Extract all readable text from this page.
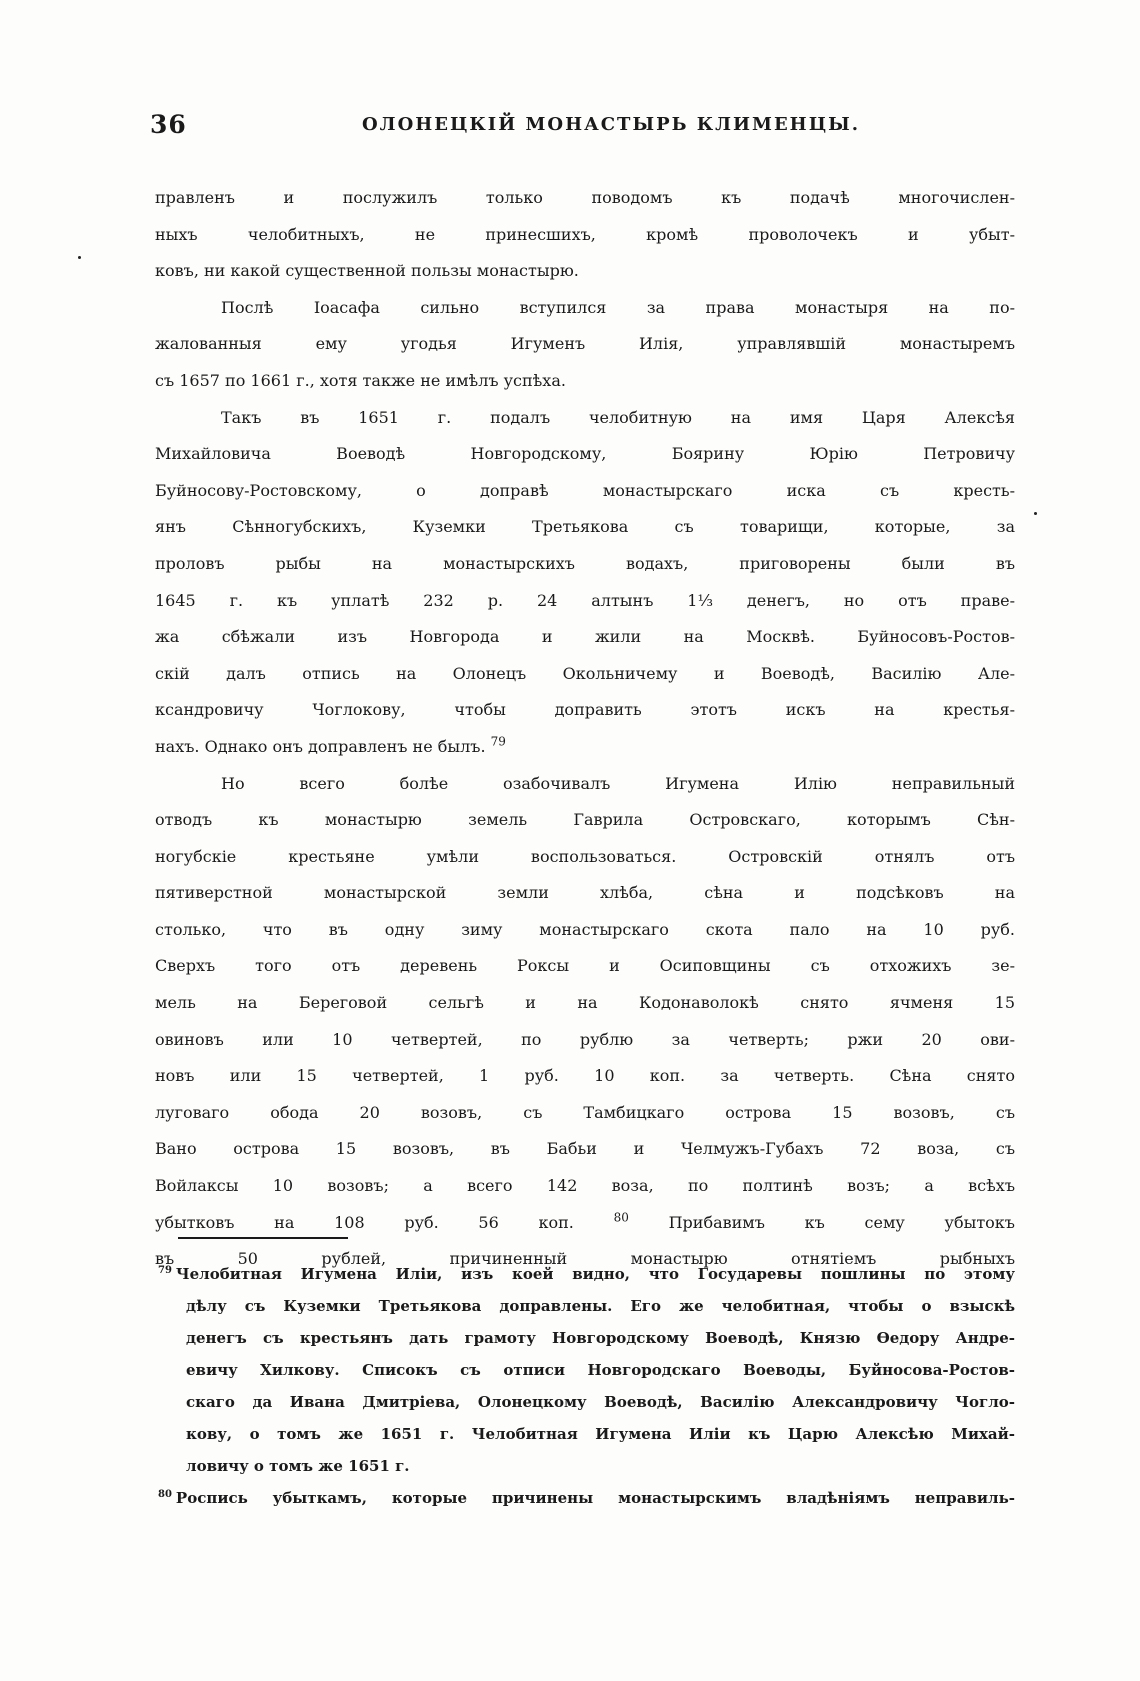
36	ОЛОНЕЦКІЙ МОНАСТЫРЬ КЛИМЕНЦЫ.
правленъ и послужилъ только поводомъ къ подачѣ многочислен-
ныхъ челобитныхъ, не принесшихъ, кромѣ проволочекъ и убыт-
ковъ, ни какой существенной пользы монастырю.
Послѣ Іоасафа сильно вступился за права монастыря на по-
жалованныя ему угодья Игуменъ Илія, управлявшій монастыремъ
съ 1657 по 1661 г., хотя также не имѣлъ успѣха.
Такъ въ 1651 г. подалъ челобитную на имя Царя Алексѣя
Михайловича Воеводѣ Новгородскому, Боярину Юрію Петровичу
Буйносову-Ростовскому, о доправѣ монастырскаго иска съ кресть-
янъ Сѣнногубскихъ, Куземки Третьякова съ товарищи, которые, за
проловъ рыбы на монастырскихъ водахъ, приговорены были въ
1645 г. къ уплатѣ 232 р. 24 алтынъ 1⅓ денегъ, но отъ праве-
жа сбѣжали изъ Новгорода и жили на Москвѣ. Буйносовъ-Ростов-
скій далъ отпись на Олонецъ Окольничему и Воеводѣ, Василію Але-
ксандровичу Чоглокову, чтобы доправить этотъ искъ на крестья-
нахъ. Однако онъ доправленъ не былъ. $^{79}$
Но всего болѣе озабочивалъ Игумена Илію неправильный
отводъ къ монастырю земель Гаврила Островскаго, которымъ Сѣн-
ногубскіе крестьяне умѣли воспользоваться. Островскій отнялъ отъ
пятиверстной монастырской земли хлѣба, сѣна и подсѣковъ на
столько, что въ одну зиму монастырскаго скота пало на 10 руб.
Сверхъ того отъ деревень Роксы и Осиповщины съ отхожихъ зе-
мель на Береговой сельгѣ и на Кодонаволокѣ снято ячменя 15
овиновъ или 10 четвертей, по рублю за четверть; ржи 20 ови-
новъ или 15 четвертей, 1 руб. 10 коп. за четверть. Сѣна снято
луговаго обода 20 возовъ, съ Тамбицкаго острова 15 возовъ, съ
Вано острова 15 возовъ, въ Бабьи и Челмужъ-Губахъ 72 воза, съ
Войлаксы 10 возовъ; а всего 142 воза, по полтинѣ возъ; а всѣхъ
убытковъ на 108 руб. 56 коп.	$^{80}$ Прибавимъ къ сему убытокъ
въ 50 рублей, причиненный монастырю отнятіемъ рыбныхъ
$^{79}$ Челобитная Игумена Иліи, изъ коей видно, что Государевы пошлины по этому
дѣлу съ Куземки Третьякова доправлены. Его же челобитная, чтобы о взыскѣ
денегъ съ крестьянъ дать грамоту Новгородскому Воеводѣ, Князю Өедору Андре-
евичу Хилкову. Списокъ съ отписи Новгородскаго Воеводы, Буйносова-Ростов-
скаго да Ивана Дмитріева, Олонецкому Воеводѣ, Василію Александровичу Чогло-
кову, о томъ же 1651 г. Челобитная Игумена Иліи къ Царю Алексѣю Михай-
ловичу о томъ же 1651 г.
$^{80}$ Роспись убыткамъ, которые причинены монастырскимъ владѣніямъ неправиль-
